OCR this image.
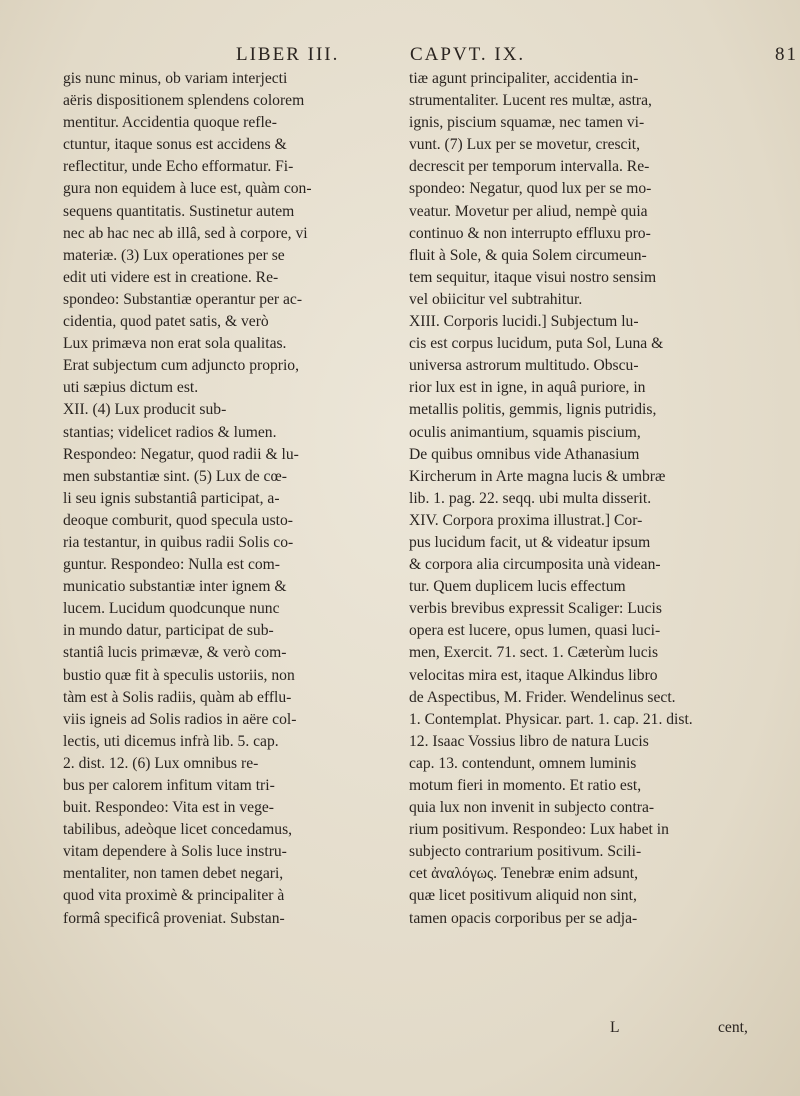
LIBER III.	CAPVT. IX.	81
gis nunc minus, ob variam interjecti
aëris dispositionem splendens colorem
mentitur. Accidentia quoque refle-
ctuntur, itaque sonus est accidens &
reflectitur, unde Echo efformatur. Fi-
gura non equidem à luce est, quàm con-
sequens quantitatis. Sustinetur autem
nec ab hac nec ab illâ, sed à corpore, vi
materiæ. (3) Lux operationes per se
edit uti videre est in creatione. Re-
spondeo: Substantiæ operantur per ac-
cidentia, quod patet satis, & verò
Lux primæva non erat sola qualitas.
Erat subjectum cum adjuncto proprio,
uti sæpius dictum est.
XII. (4) Lux producit sub-
stantias; videlicet radios & lumen.
Respondeo: Negatur, quod radii & lu-
men substantiæ sint. (5) Lux de cœ-
li seu ignis substantiâ participat, a-
deoque comburit, quod specula usto-
ria testantur, in quibus radii Solis co-
guntur. Respondeo: Nulla est com-
municatio substantiæ inter ignem &
lucem. Lucidum quodcunque nunc
in mundo datur, participat de sub-
stantiâ lucis primævæ, & verò com-
bustio quæ fit à speculis ustoriis, non
tàm est à Solis radiis, quàm ab efflu-
viis igneis ad Solis radios in aëre col-
lectis, uti dicemus infrà lib. 5. cap.
2. dist. 12. (6) Lux omnibus re-
bus per calorem infitum vitam tri-
buit. Respondeo: Vita est in vege-
tabilibus, adeòque licet concedamus,
vitam dependere à Solis luce instru-
mentaliter, non tamen debet negari,
quod vita proximè & principaliter à
formâ specificâ proveniat. Substan-
tiæ agunt principaliter, accidentia in-
strumentaliter. Lucent res multæ, astra,
ignis, piscium squamæ, nec tamen vi-
vunt. (7) Lux per se movetur, crescit,
decrescit per temporum intervalla. Re-
spondeo: Negatur, quod lux per se mo-
veatur. Movetur per aliud, nempè quia
continuo & non interrupto effluxu pro-
fluit à Sole, & quia Solem circumeun-
tem sequitur, itaque visui nostro sensim
vel obiicitur vel subtrahitur.
XIII. Corporis lucidi.] Subjectum lu-
cis est corpus lucidum, puta Sol, Luna &
universa astrorum multitudo. Obscu-
rior lux est in igne, in aquâ puriore, in
metallis politis, gemmis, lignis putridis,
oculis animantium, squamis piscium,
De quibus omnibus vide Athanasium
Kircherum in Arte magna lucis & umbræ
lib. 1. pag. 22. seqq. ubi multa disserit.
XIV. Corpora proxima illustrat.] Cor-
pus lucidum facit, ut & videatur ipsum
& corpora alia circumposita unà videan-
tur. Quem duplicem lucis effectum
verbis brevibus expressit Scaliger: Lucis
opera est lucere, opus lumen, quasi luci-
men, Exercit. 71. sect. 1. Cæterùm lucis
velocitas mira est, itaque Alkindus libro
de Aspectibus, M. Frider. Wendelinus sect.
1. Contemplat. Physicar. part. 1. cap. 21. dist.
12. Isaac Vossius libro de natura Lucis
cap. 13. contendunt, omnem luminis
motum fieri in momento. Et ratio est,
quia lux non invenit in subjecto contra-
rium positivum. Respondeo: Lux habet in
subjecto contrarium positivum. Scili-
cet ἀναλόγως. Tenebræ enim adsunt,
quæ licet positivum aliquid non sint,
tamen opacis corporibus per se adja-
L	cent,
